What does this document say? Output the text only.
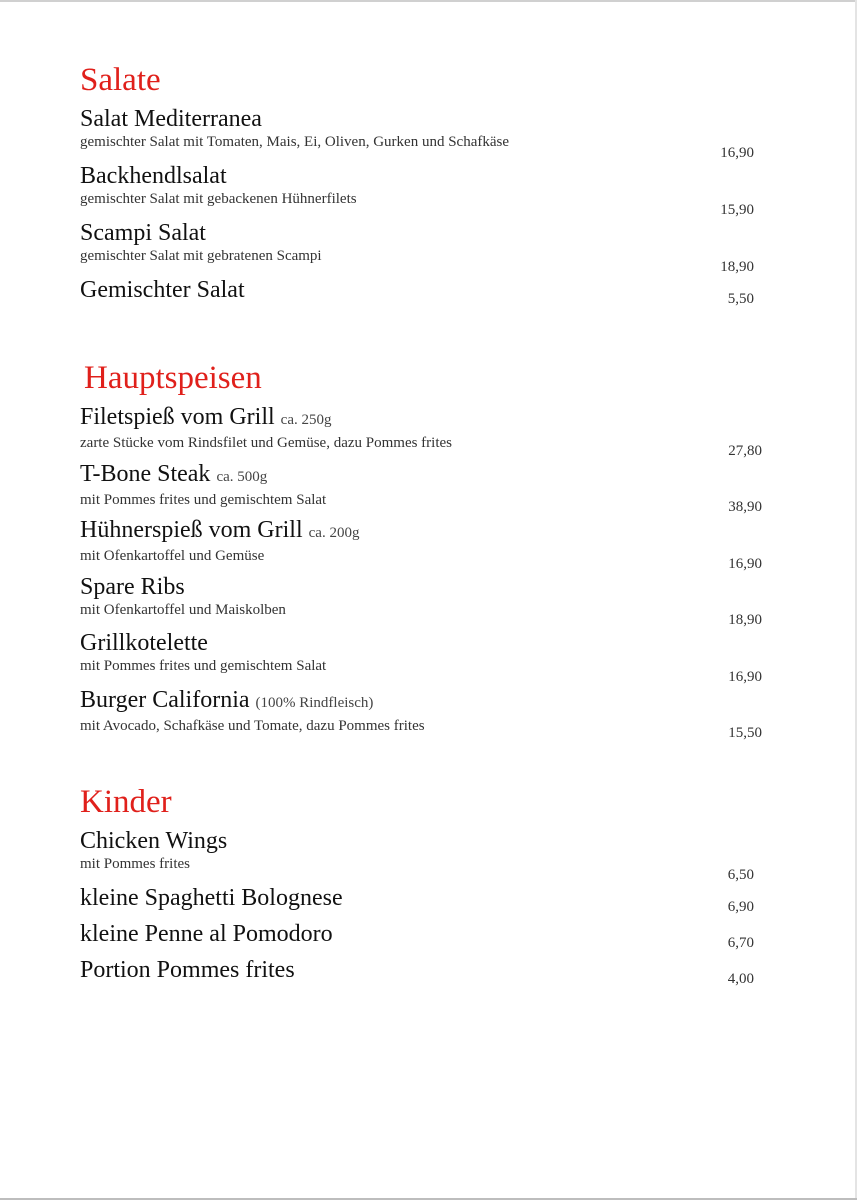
Salate
Salat Mediterranea
gemischter Salat mit Tomaten, Mais, Ei, Oliven, Gurken und Schafkäse
16,90
Backhendlsalat
gemischter Salat mit gebackenen Hühnerfilets
15,90
Scampi Salat
gemischter Salat mit gebratenen Scampi
18,90
Gemischter Salat	5,50
Hauptspeisen
Filetspieß vom Grill ca. 250g
zarte Stücke vom Rindsfilet und Gemüse, dazu Pommes frites	27,80
T-Bone Steak ca. 500g
mit Pommes frites und gemischtem Salat	38,90
Hühnerspieß vom Grill ca. 200g
mit Ofenkartoffel und Gemüse	16,90
Spare Ribs
mit Ofenkartoffel und Maiskolben
18,90
Grillkotelette
mit Pommes frites und gemischtem Salat
16,90
Burger California (100% Rindfleisch)
mit Avocado, Schafkäse und Tomate, dazu Pommes frites	15,50
Kinder
Chicken Wings
mit Pommes frites
6,50
kleine Spaghetti Bolognese	6,90
kleine Penne al Pomodoro	6,70
Portion Pommes frites	4,00
